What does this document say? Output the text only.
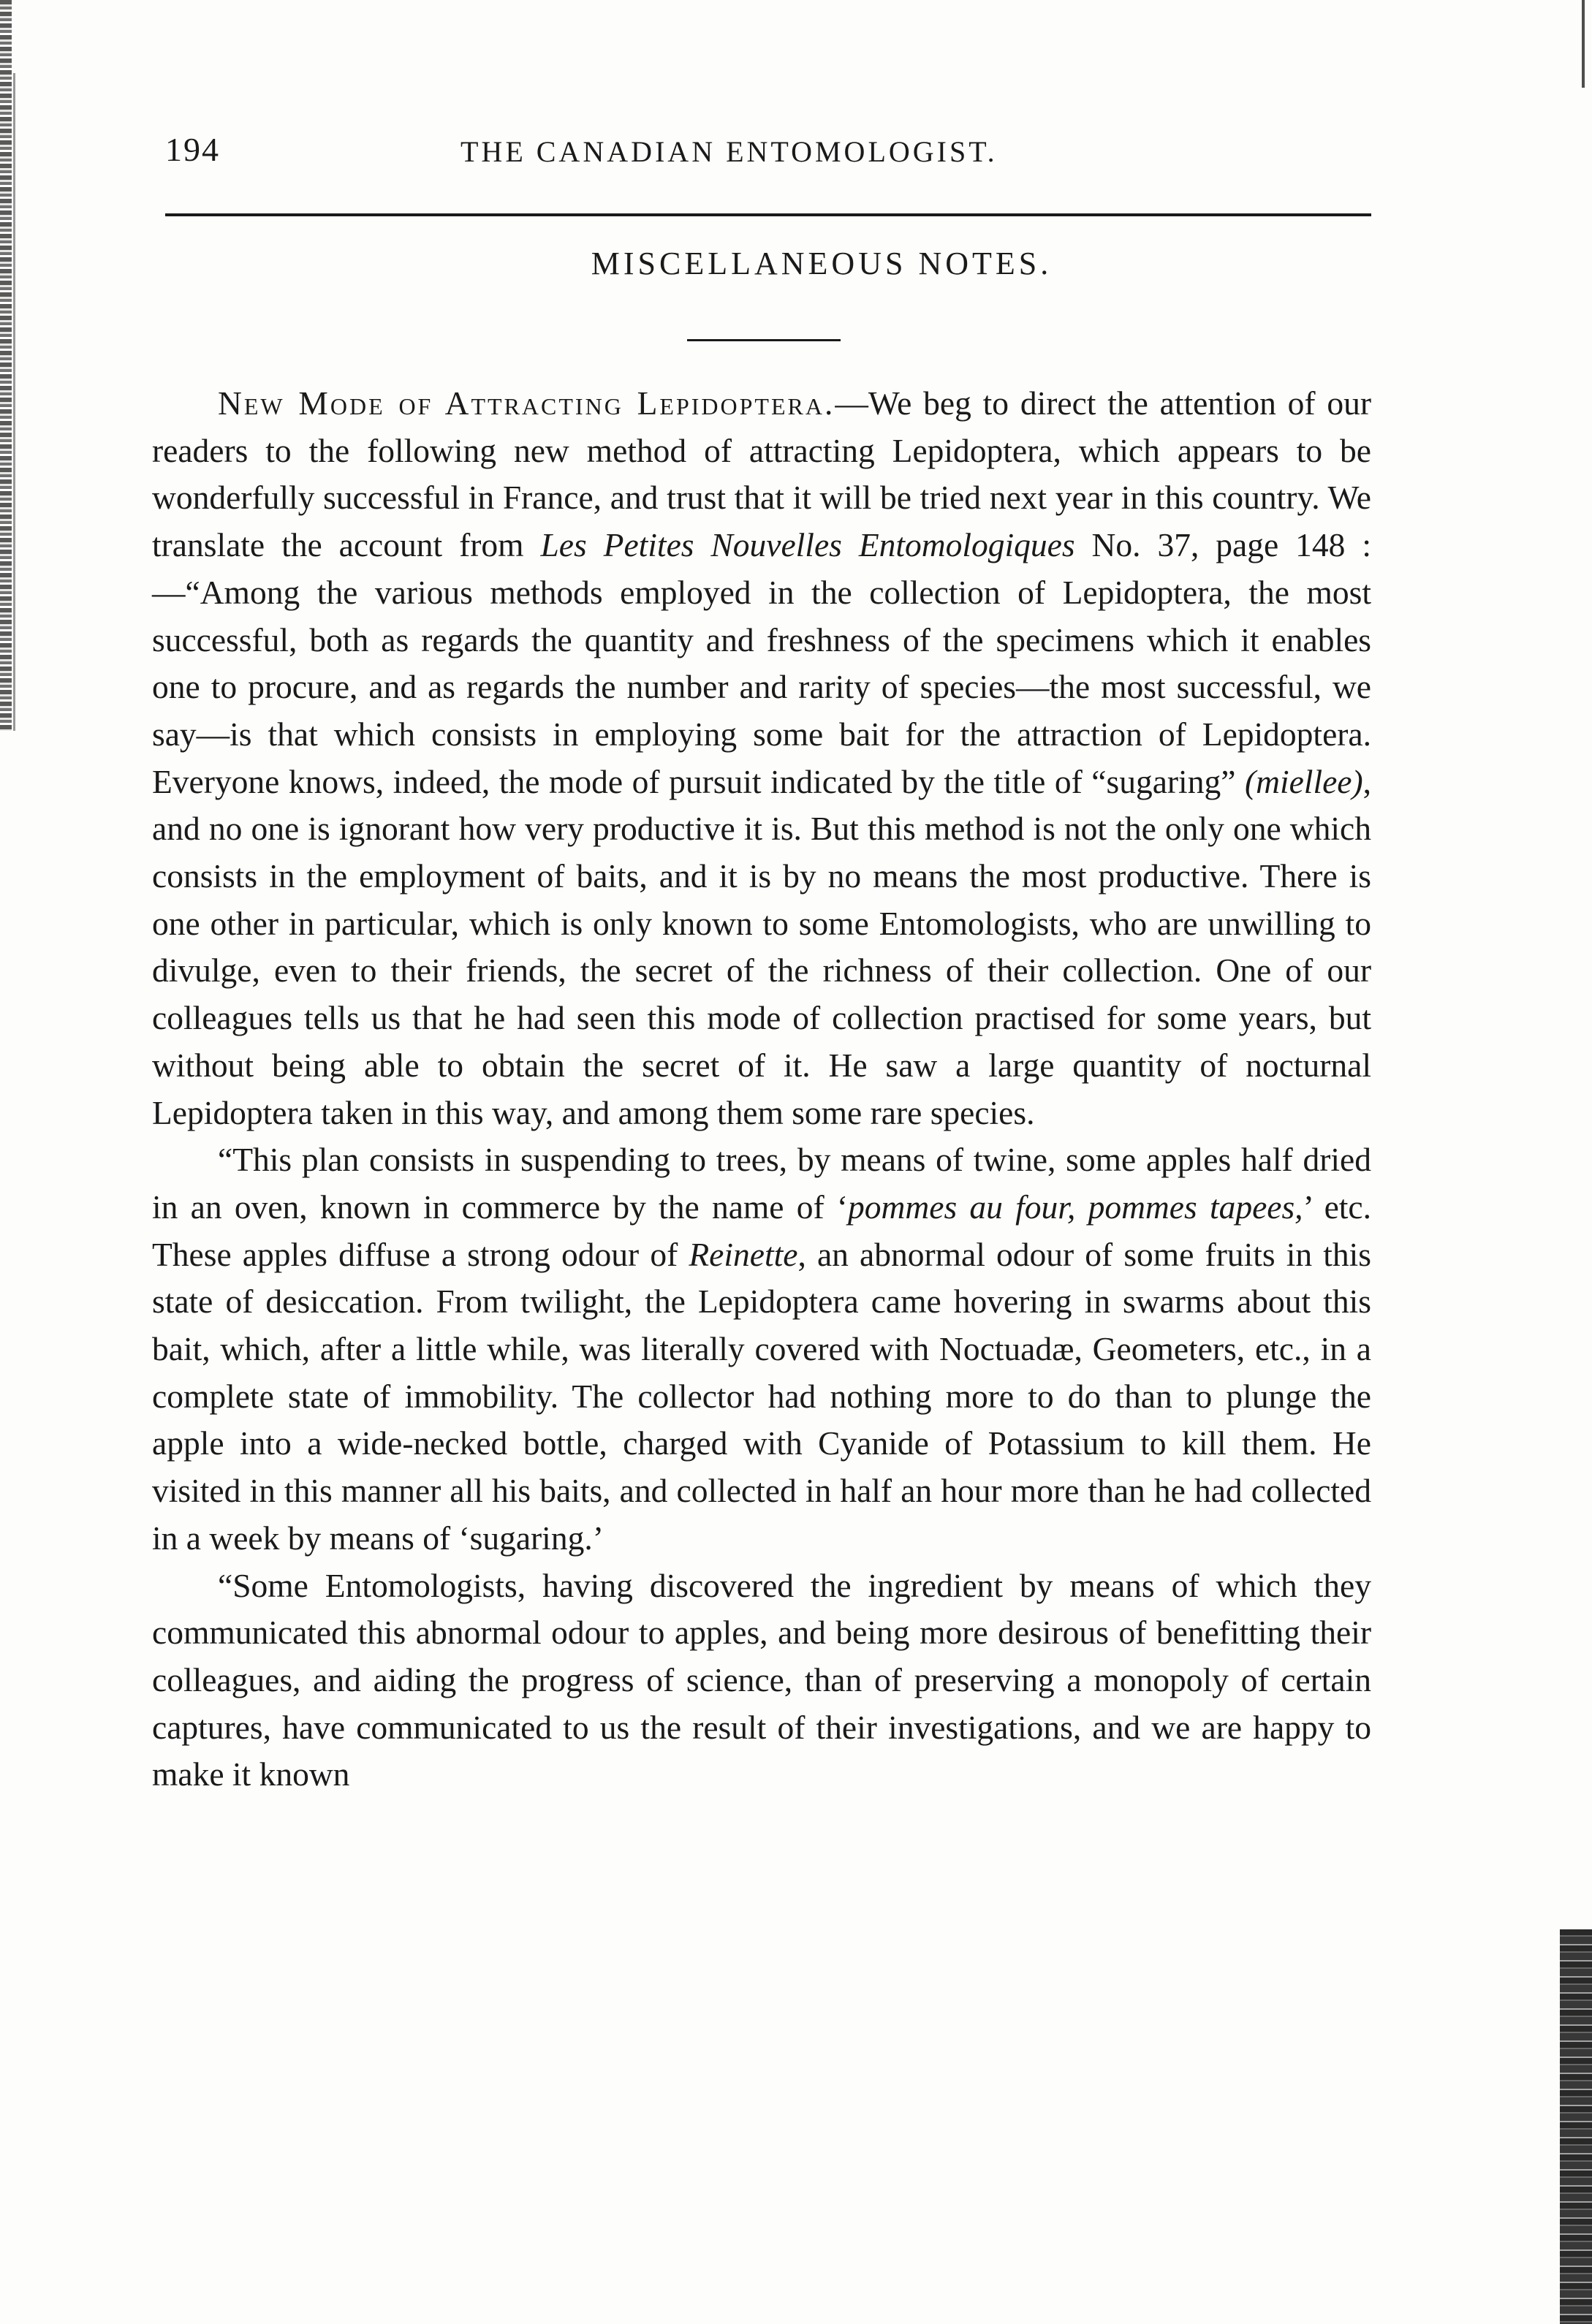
194	THE CANADIAN ENTOMOLOGIST.
MISCELLANEOUS NOTES.

New Mode of Attracting Lepidoptera.—We beg to direct the attention of our readers to the following new method of attracting Lepidoptera, which appears to be wonderfully successful in France, and trust that it will be tried next year in this country. We translate the account from Les Petites Nouvelles Entomologiques No. 37, page 148 :—“Among the various methods employed in the collection of Lepidoptera, the most successful, both as regards the quantity and freshness of the specimens which it enables one to procure, and as regards the number and rarity of species—the most successful, we say—is that which consists in employing some bait for the attraction of Lepidoptera. Everyone knows, indeed, the mode of pursuit indicated by the title of “sugaring” (miellee), and no one is ignorant how very productive it is. But this method is not the only one which consists in the employment of baits, and it is by no means the most productive. There is one other in particular, which is only known to some Entomologists, who are unwilling to divulge, even to their friends, the secret of the richness of their collection. One of our colleagues tells us that he had seen this mode of collection practised for some years, but without being able to obtain the secret of it. He saw a large quantity of nocturnal Lepidoptera taken in this way, and among them some rare species.

“This plan consists in suspending to trees, by means of twine, some apples half dried in an oven, known in commerce by the name of ‘pommes au four, pommes tapees,’ etc. These apples diffuse a strong odour of Reinette, an abnormal odour of some fruits in this state of desiccation. From twilight, the Lepidoptera came hovering in swarms about this bait, which, after a little while, was literally covered with Noctuadæ, Geometers, etc., in a complete state of immobility. The collector had nothing more to do than to plunge the apple into a wide-necked bottle, charged with Cyanide of Potassium to kill them. He visited in this manner all his baits, and collected in half an hour more than he had collected in a week by means of ‘sugaring.’

“Some Entomologists, having discovered the ingredient by means of which they communicated this abnormal odour to apples, and being more desirous of benefitting their colleagues, and aiding the progress of science, than of preserving a monopoly of certain captures, have communicated to us the result of their investigations, and we are happy to make it known
